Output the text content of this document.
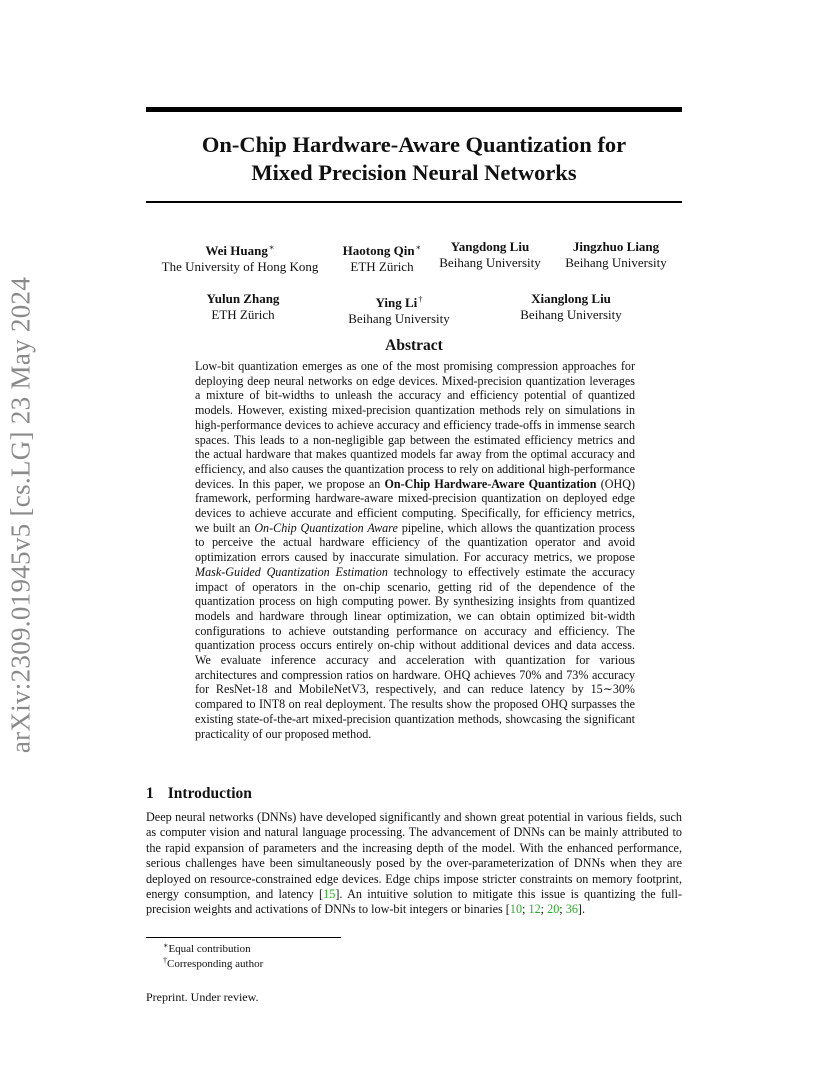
arXiv:2309.01945v5 [cs.LG] 23 May 2024
On-Chip Hardware-Aware Quantization for
Mixed Precision Neural Networks
Wei Huang∗
The University of Hong Kong
Haotong Qin∗
ETH Zürich
Yangdong Liu
Beihang University
Jingzhuo Liang
Beihang University
Yulun Zhang
ETH Zürich
Ying Li†
Beihang University
Xianglong Liu
Beihang University
Abstract
Low-bit quantization emerges as one of the most promising compression approaches for deploying deep neural networks on edge devices. Mixed-precision quantization leverages a mixture of bit-widths to unleash the accuracy and efficiency potential of quantized models. However, existing mixed-precision quantization methods rely on simulations in high-performance devices to achieve accuracy and efficiency trade-offs in immense search spaces. This leads to a non-negligible gap between the estimated efficiency metrics and the actual hardware that makes quantized models far away from the optimal accuracy and efficiency, and also causes the quantization process to rely on additional high-performance devices. In this paper, we propose an On-Chip Hardware-Aware Quantization (OHQ) framework, performing hardware-aware mixed-precision quantization on deployed edge devices to achieve accurate and efficient computing. Specifically, for efficiency metrics, we built an On-Chip Quantization Aware pipeline, which allows the quantization process to perceive the actual hardware efficiency of the quantization operator and avoid optimization errors caused by inaccurate simulation. For accuracy metrics, we propose Mask-Guided Quantization Estimation technology to effectively estimate the accuracy impact of operators in the on-chip scenario, getting rid of the dependence of the quantization process on high computing power. By synthesizing insights from quantized models and hardware through linear optimization, we can obtain optimized bit-width configurations to achieve outstanding performance on accuracy and efficiency. The quantization process occurs entirely on-chip without additional devices and data access. We evaluate inference accuracy and acceleration with quantization for various architectures and compression ratios on hardware. OHQ achieves 70% and 73% accuracy for ResNet-18 and MobileNetV3, respectively, and can reduce latency by 15∼30% compared to INT8 on real deployment. The results show the proposed OHQ surpasses the existing state-of-the-art mixed-precision quantization methods, showcasing the significant practicality of our proposed method.
1 Introduction
Deep neural networks (DNNs) have developed significantly and shown great potential in various fields, such as computer vision and natural language processing. The advancement of DNNs can be mainly attributed to the rapid expansion of parameters and the increasing depth of the model. With the enhanced performance, serious challenges have been simultaneously posed by the over-parameterization of DNNs when they are deployed on resource-constrained edge devices. Edge chips impose stricter constraints on memory footprint, energy consumption, and latency [15]. An intuitive solution to mitigate this issue is quantizing the full-precision weights and activations of DNNs to low-bit integers or binaries [10; 12; 20; 36].
∗Equal contribution
†Corresponding author
Preprint. Under review.
